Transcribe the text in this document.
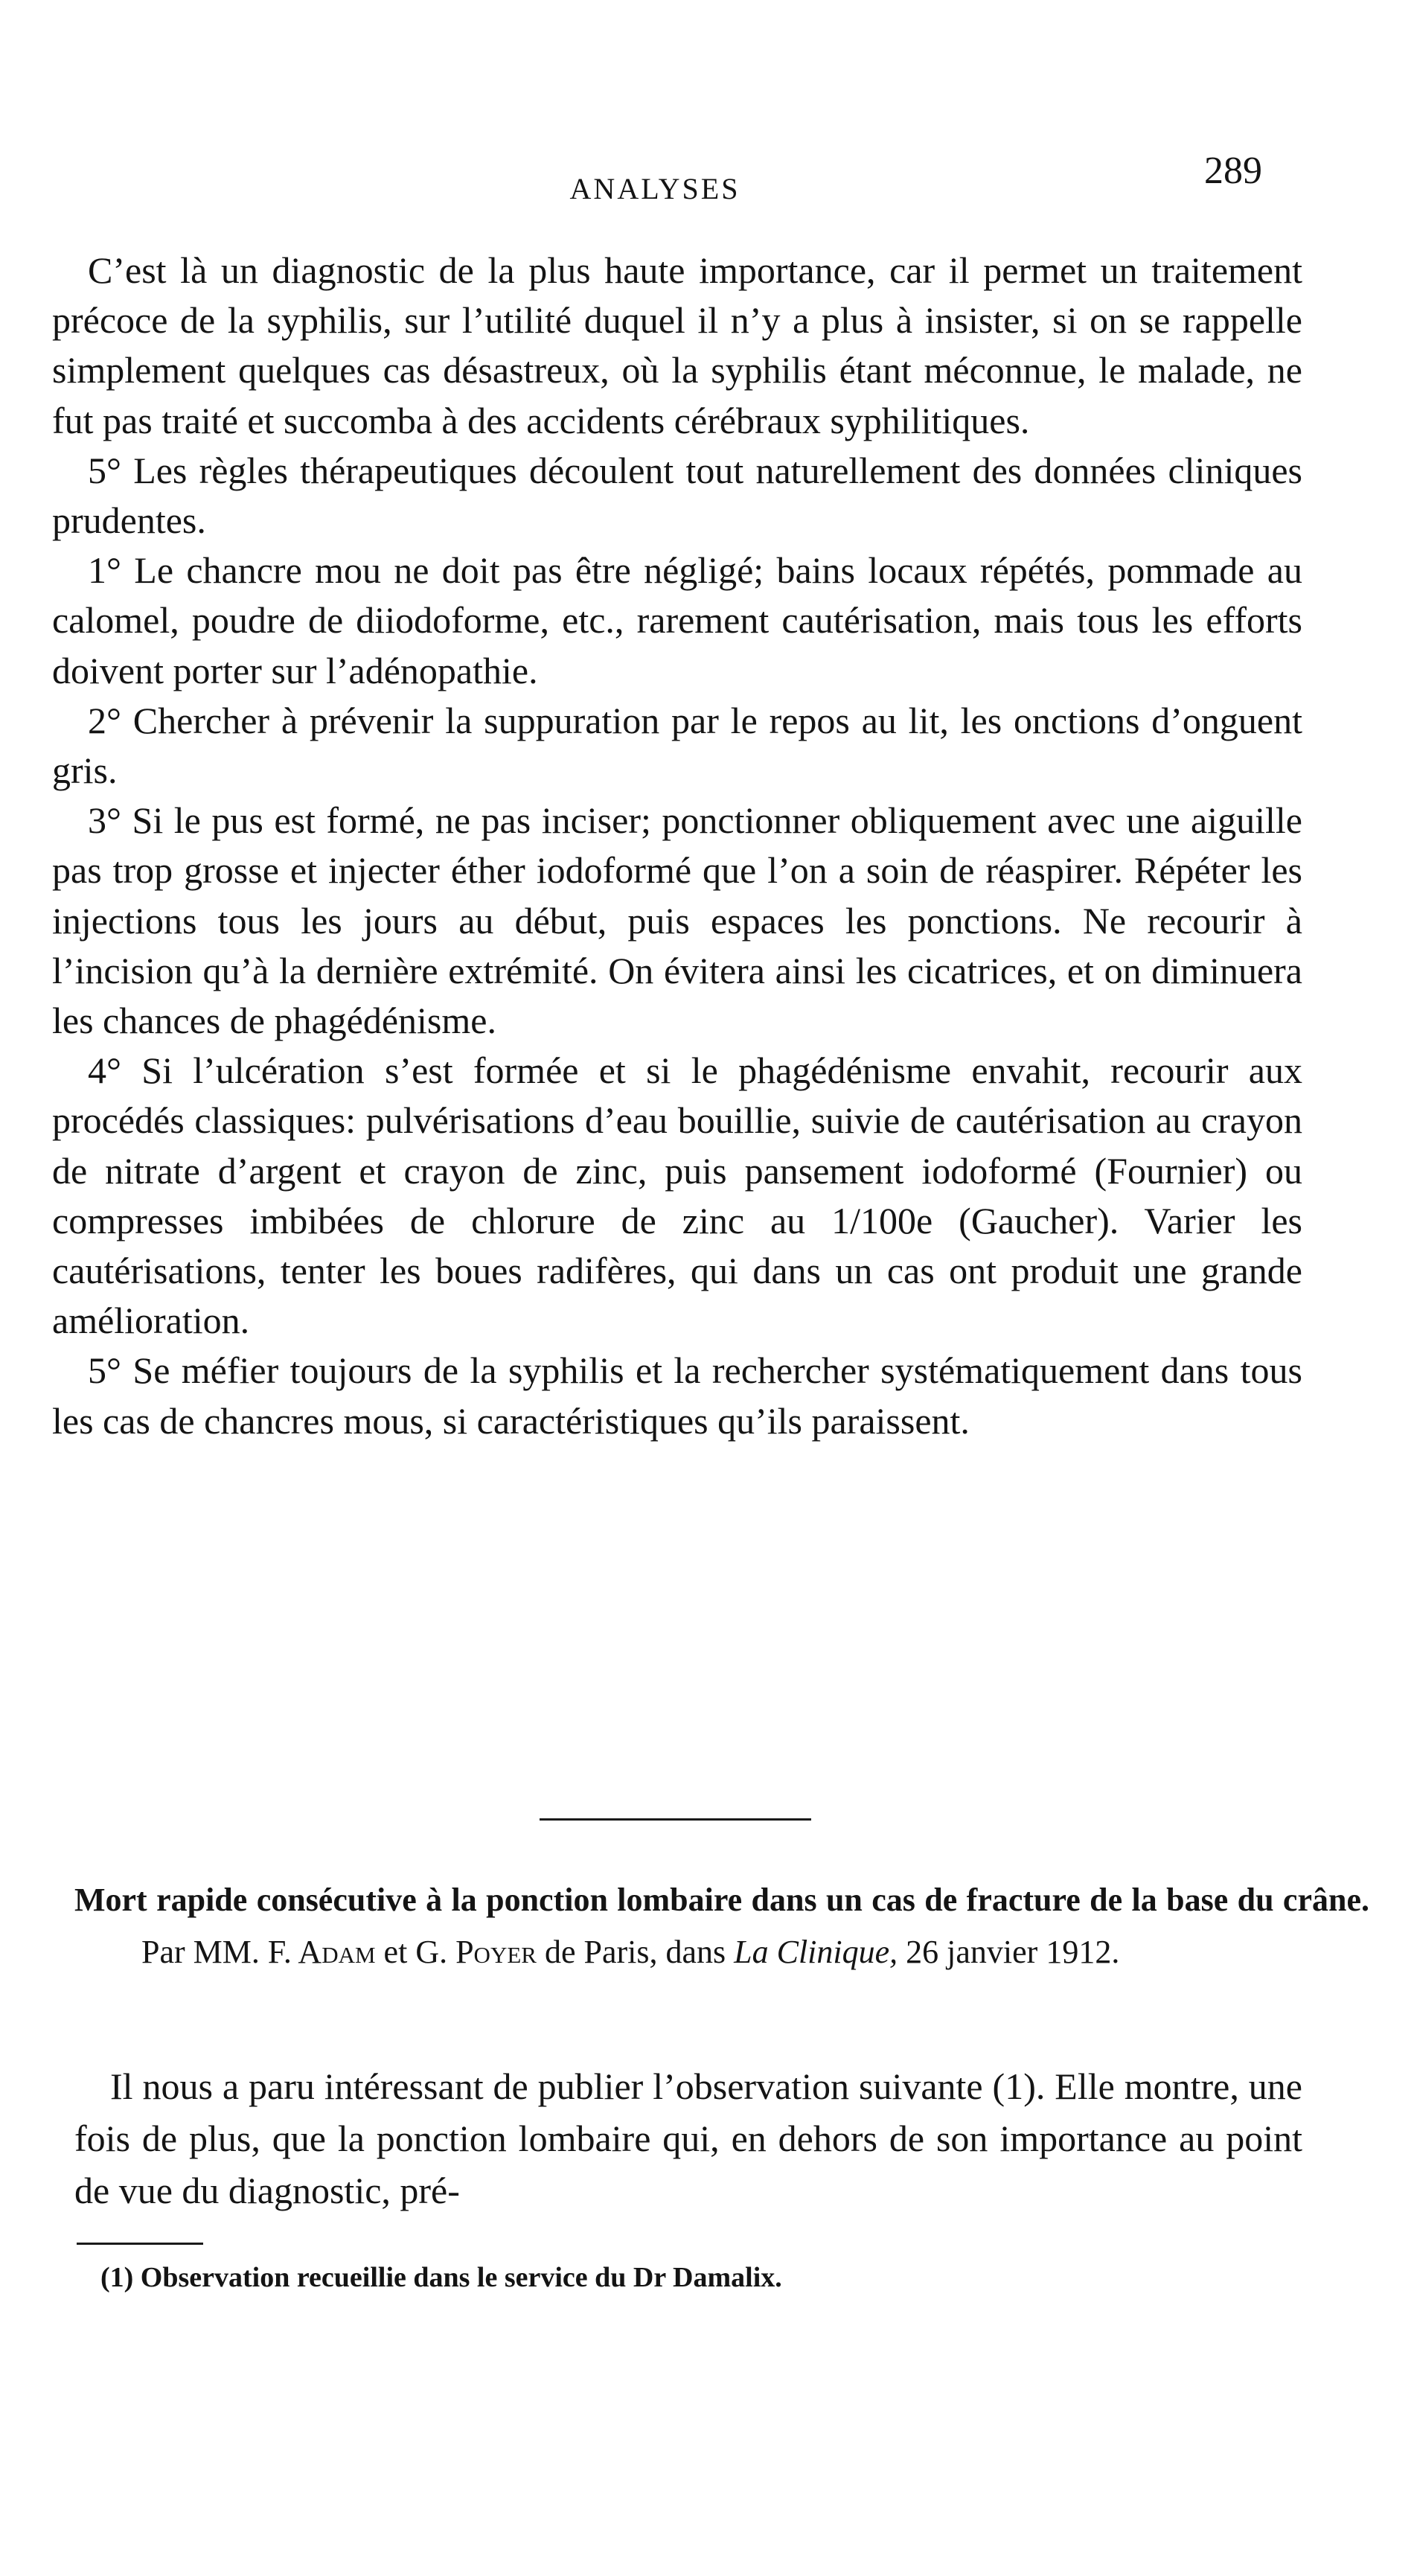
ANALYSES	289

C’est là un diagnostic de la plus haute importance, car il permet un traitement précoce de la syphilis, sur l’utilité duquel il n’y a plus à insister, si on se rappelle simplement quelques cas désastreux, où la syphilis étant méconnue, le malade, ne fut pas traité et succomba à des accidents cérébraux syphilitiques.

5° Les règles thérapeutiques découlent tout naturellement des données cliniques prudentes.

1° Le chancre mou ne doit pas être négligé; bains locaux répétés, pommade au calomel, poudre de diiodoforme, etc., rarement cautérisation, mais tous les efforts doivent porter sur l’adénopathie.

2° Chercher à prévenir la suppuration par le repos au lit, les onctions d’onguent gris.

3° Si le pus est formé, ne pas inciser; ponctionner obliquement avec une aiguille pas trop grosse et injecter éther iodoformé que l’on a soin de réaspirer. Répéter les injections tous les jours au début, puis espaces les ponctions. Ne recourir à l’incision qu’à la dernière extrémité. On évitera ainsi les cicatrices, et on diminuera les chances de phagédénisme.

4° Si l’ulcération s’est formée et si le phagédénisme envahit, recourir aux procédés classiques: pulvérisations d’eau bouillie, suivie de cautérisation au crayon de nitrate d’argent et crayon de zinc, puis pansement iodoformé (Fournier) ou compresses imbibées de chlorure de zinc au 1/100e (Gaucher). Varier les cautérisations, tenter les boues radifères, qui dans un cas ont produit une grande amélioration.

5° Se méfier toujours de la syphilis et la rechercher systématiquement dans tous les cas de chancres mous, si caractéristiques qu’ils paraissent.

Mort rapide consécutive à la ponction lombaire dans un cas de fracture de la base du crâne. Par MM. F. Adam et G. Poyer de Paris, dans La Clinique, 26 janvier 1912.

Il nous a paru intéressant de publier l’observation suivante (1). Elle montre, une fois de plus, que la ponction lombaire qui, en dehors de son importance au point de vue du diagnostic, pré-

(1) Observation recueillie dans le service du Dr Damalix.
